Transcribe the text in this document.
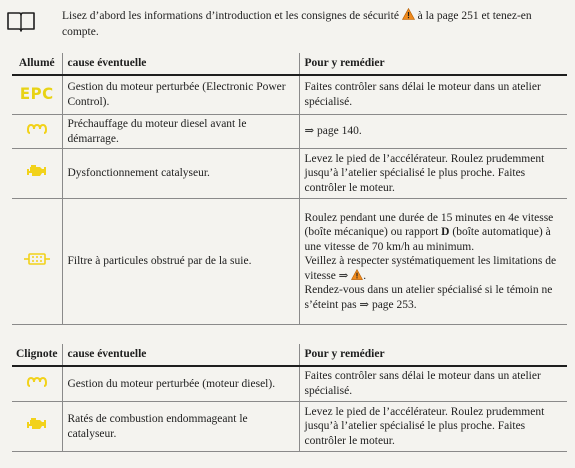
Lisez d’abord les informations d’introduction et les consignes de sécurité  à la page 251 et tenez-en compte.
Allumé	cause éventuelle	Pour y remédier
EPC	Gestion du moteur perturbée (Electronic Power Control).	Faites contrôler sans délai le moteur dans un atelier spécialisé.
	Préchauffage du moteur diesel avant le démarrage.	⇒ page 140.
	Dysfonctionnement catalyseur.	Levez le pied de l’accélérateur. Roulez prudemment jusqu’à l’atelier spécialisé le plus proche. Faites contrôler le moteur.
	Filtre à particules obstrué par de la suie.	Roulez pendant une durée de 15 minutes en 4e vitesse (boîte mécanique) ou rapport D (boîte automatique) à une vitesse de 70 km/h au minimum.
Veillez à respecter systématiquement les limitations de vitesse ⇒ .
Rendez-vous dans un atelier spécialisé si le témoin ne s’éteint pas ⇒ page 253.
Clignote	cause éventuelle	Pour y remédier
	Gestion du moteur perturbée (moteur diesel).	Faites contrôler sans délai le moteur dans un atelier spécialisé.
	Ratés de combustion endommageant le catalyseur.	Levez le pied de l’accélérateur. Roulez prudemment jusqu’à l’atelier spécialisé le plus proche. Faites contrôler le moteur.
